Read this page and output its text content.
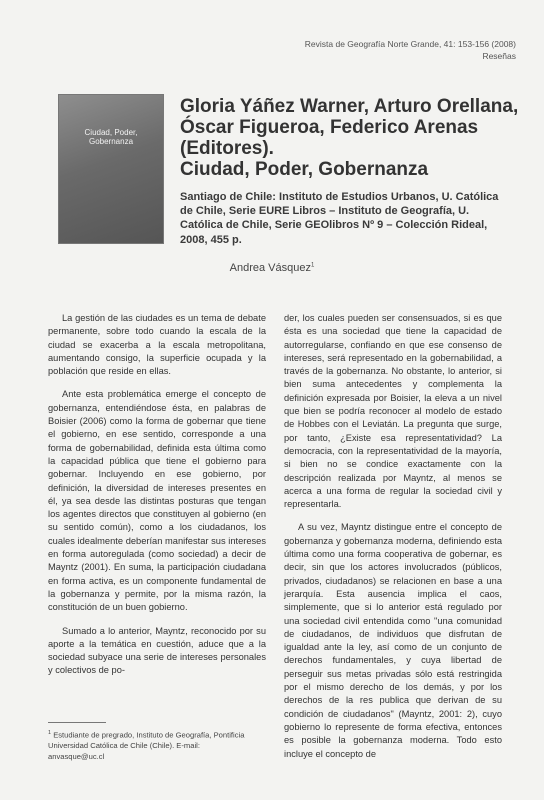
Revista de Geografía Norte Grande, 41: 153-156 (2008)
Reseñas
Ciudad, Poder,
Gobernanza
Gloria Yáñez Warner, Arturo Orellana,
Óscar Figueroa, Federico Arenas
(Editores).
Ciudad, Poder, Gobernanza
Santiago de Chile: Instituto de Estudios Urbanos, U. Católica de Chile, Serie EURE Libros – Instituto de Geografía, U. Católica de Chile, Serie GEOlibros Nº 9 – Colección Rideal, 2008, 455 p.
Andrea Vásquez$^1$

La gestión de las ciudades es un tema de debate permanente, sobre todo cuando la escala de la ciudad se exacerba a la escala metropolitana, aumentando consigo, la superficie ocupada y la población que reside en ellas.

Ante esta problemática emerge el concepto de gobernanza, entendiéndose ésta, en palabras de Boisier (2006) como la forma de gobernar que tiene el gobierno, en ese sentido, corresponde a una forma de gobernabilidad, definida esta última como la capacidad pública que tiene el gobierno para gobernar. Incluyendo en ese gobierno, por definición, la diversidad de intereses presentes en él, ya sea desde las distintas posturas que tengan los agentes directos que constituyen al gobierno (en su sentido común), como a los ciudadanos, los cuales idealmente deberían manifestar sus intereses en forma autoregulada (como sociedad) a decir de Mayntz (2001). En suma, la participación ciudadana en forma activa, es un componente fundamental de la gobernanza y permite, por la misma razón, la constitución de un buen gobierno.

Sumado a lo anterior, Mayntz, reconocido por su aporte a la temática en cuestión, aduce que a la sociedad subyace una serie de intereses personales y colectivos de po-

der, los cuales pueden ser consensuados, si es que ésta es una sociedad que tiene la capacidad de autorregularse, confiando en que ese consenso de intereses, será representado en la gobernabilidad, a través de la gobernanza. No obstante, lo anterior, si bien suma antecedentes y complementa la definición expresada por Boisier, la eleva a un nivel que bien se podría reconocer al modelo de estado de Hobbes con el Leviatán. La pregunta que surge, por tanto, ¿Existe esa representatividad? La democracia, con la representatividad de la mayoría, si bien no se condice exactamente con la descripción realizada por Mayntz, al menos se acerca a una forma de regular la sociedad civil y representarla.

A su vez, Mayntz distingue entre el concepto de gobernanza y gobernanza moderna, definiendo esta última como una forma cooperativa de gobernar, es decir, sin que los actores involucrados (públicos, privados, ciudadanos) se relacionen en base a una jerarquía. Esta ausencia implica el caos, simplemente, que si lo anterior está regulado por una sociedad civil entendida como "una comunidad de ciudadanos, de individuos que disfrutan de igualdad ante la ley, así como de un conjunto de derechos fundamentales, y cuya libertad de perseguir sus metas privadas sólo está restringida por el mismo derecho de los demás, y por los derechos de la res publica que derivan de su condición de ciudadanos" (Mayntz, 2001: 2), cuyo gobierno lo represente de forma efectiva, entonces es posible la gobernanza moderna. Todo esto incluye el concepto de

$^1$ Estudiante de pregrado, Instituto de Geografía, Pontificia Universidad Católica de Chile (Chile). E-mail: anvasque@uc.cl
